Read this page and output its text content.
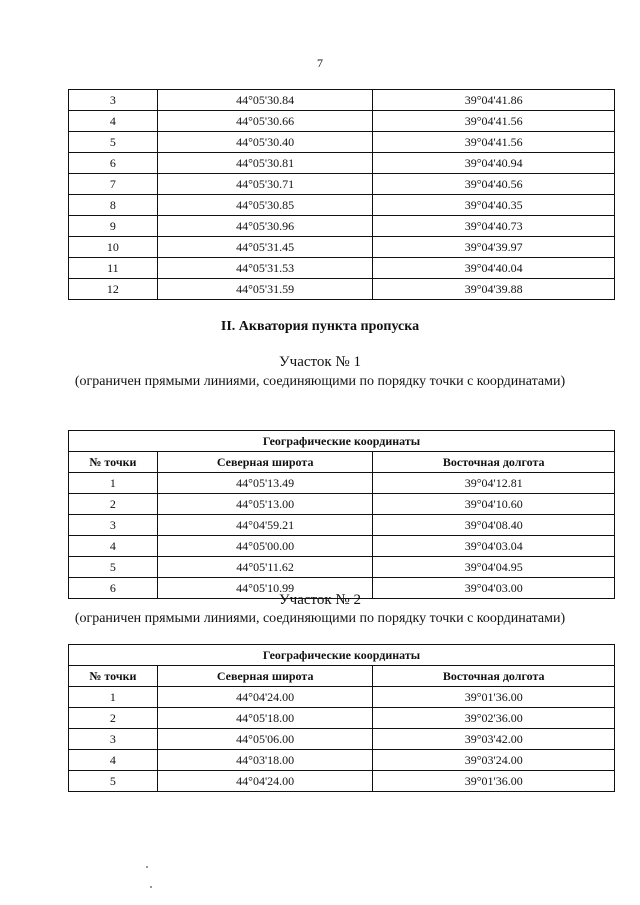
7
3	44°05'30.84	39°04'41.86
4	44°05'30.66	39°04'41.56
5	44°05'30.40	39°04'41.56
6	44°05'30.81	39°04'40.94
7	44°05'30.71	39°04'40.56
8	44°05'30.85	39°04'40.35
9	44°05'30.96	39°04'40.73
10	44°05'31.45	39°04'39.97
11	44°05'31.53	39°04'40.04
12	44°05'31.59	39°04'39.88
II. Акватория пункта пропуска
Участок № 1
(ограничен прямыми линиями, соединяющими по порядку точки с координатами)
Географические координаты		
№ точки	Северная широта	Восточная долгота
1	44°05'13.49	39°04'12.81
2	44°05'13.00	39°04'10.60
3	44°04'59.21	39°04'08.40
4	44°05'00.00	39°04'03.04
5	44°05'11.62	39°04'04.95
6	44°05'10.99	39°04'03.00
Участок № 2
(ограничен прямыми линиями, соединяющими по порядку точки с координатами)
Географические координаты		
№ точки	Северная широта	Восточная долгота
1	44°04'24.00	39°01'36.00
2	44°05'18.00	39°02'36.00
3	44°05'06.00	39°03'42.00
4	44°03'18.00	39°03'24.00
5	44°04'24.00	39°01'36.00
